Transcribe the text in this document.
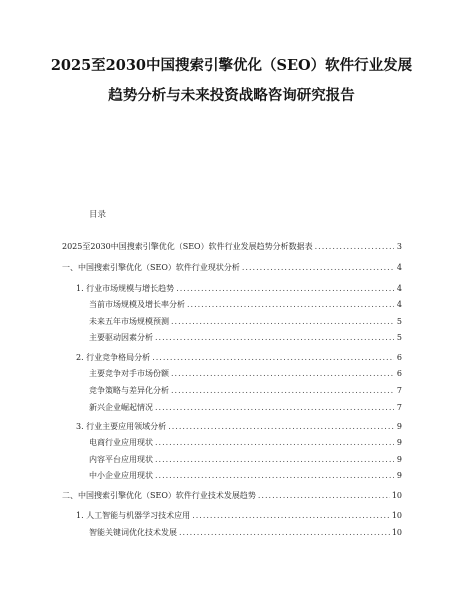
2025至2030中国搜索引擎优化（SEO）软件行业发展
趋势分析与未来投资战略咨询研究报告
目录
2025至2030中国搜索引擎优化（SEO）软件行业发展趋势分析数据表 .....	3
一、中国搜索引擎优化（SEO）软件行业现状分析 .....	4
1. 行业市场规模与增长趋势 .....	4
当前市场规模及增长率分析 .....	4
未来五年市场规模预测 .....	5
主要驱动因素分析 .....	5
2. 行业竞争格局分析 .....	6
主要竞争对手市场份额 .....	6
竞争策略与差异化分析 .....	7
新兴企业崛起情况 .....	7
3. 行业主要应用领域分析 .....	9
电商行业应用现状 .....	9
内容平台应用现状 .....	9
中小企业应用现状 .....	9
二、中国搜索引擎优化（SEO）软件行业技术发展趋势 .....	10
1. 人工智能与机器学习技术应用 .....	10
智能关键词优化技术发展 .....	10
